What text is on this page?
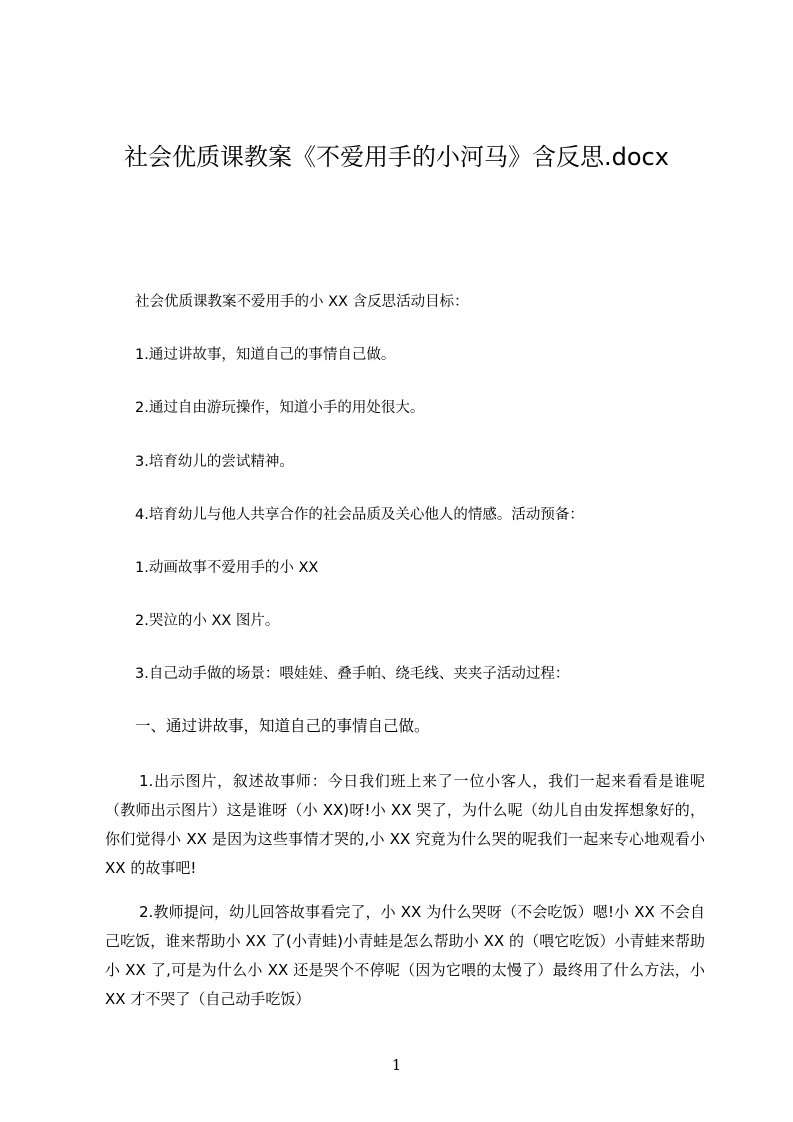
社会优质课教案《不爱用手的小河马》含反思.docx

社会优质课教案不爱用手的小 XX 含反思活动目标：

1.通过讲故事，知道自己的事情自己做。

2.通过自由游玩操作，知道小手的用处很大。

3.培育幼儿的尝试精神。

4.培育幼儿与他人共享合作的社会品质及关心他人的情感。活动预备：

1.动画故事不爱用手的小 XX

2.哭泣的小 XX 图片。

3.自己动手做的场景：喂娃娃、叠手帕、绕毛线、夹夹子活动过程：

一、通过讲故事，知道自己的事情自己做。

1.出示图片，叙述故事师：今日我们班上来了一位小客人，我们一起来看看是谁呢（教师出示图片）这是谁呀（小 XX)呀!小 XX 哭了，为什么呢（幼儿自由发挥想象好的，你们觉得小 XX 是因为这些事情才哭的,小 XX 究竟为什么哭的呢我们一起来专心地观看小 XX 的故事吧!

2.教师提问，幼儿回答故事看完了，小 XX 为什么哭呀（不会吃饭）嗯!小 XX 不会自己吃饭，谁来帮助小 XX 了(小青蛙)小青蛙是怎么帮助小 XX 的（喂它吃饭）小青蛙来帮助小 XX 了,可是为什么小 XX 还是哭个不停呢（因为它喂的太慢了）最终用了什么方法，小 XX 才不哭了（自己动手吃饭）

1
